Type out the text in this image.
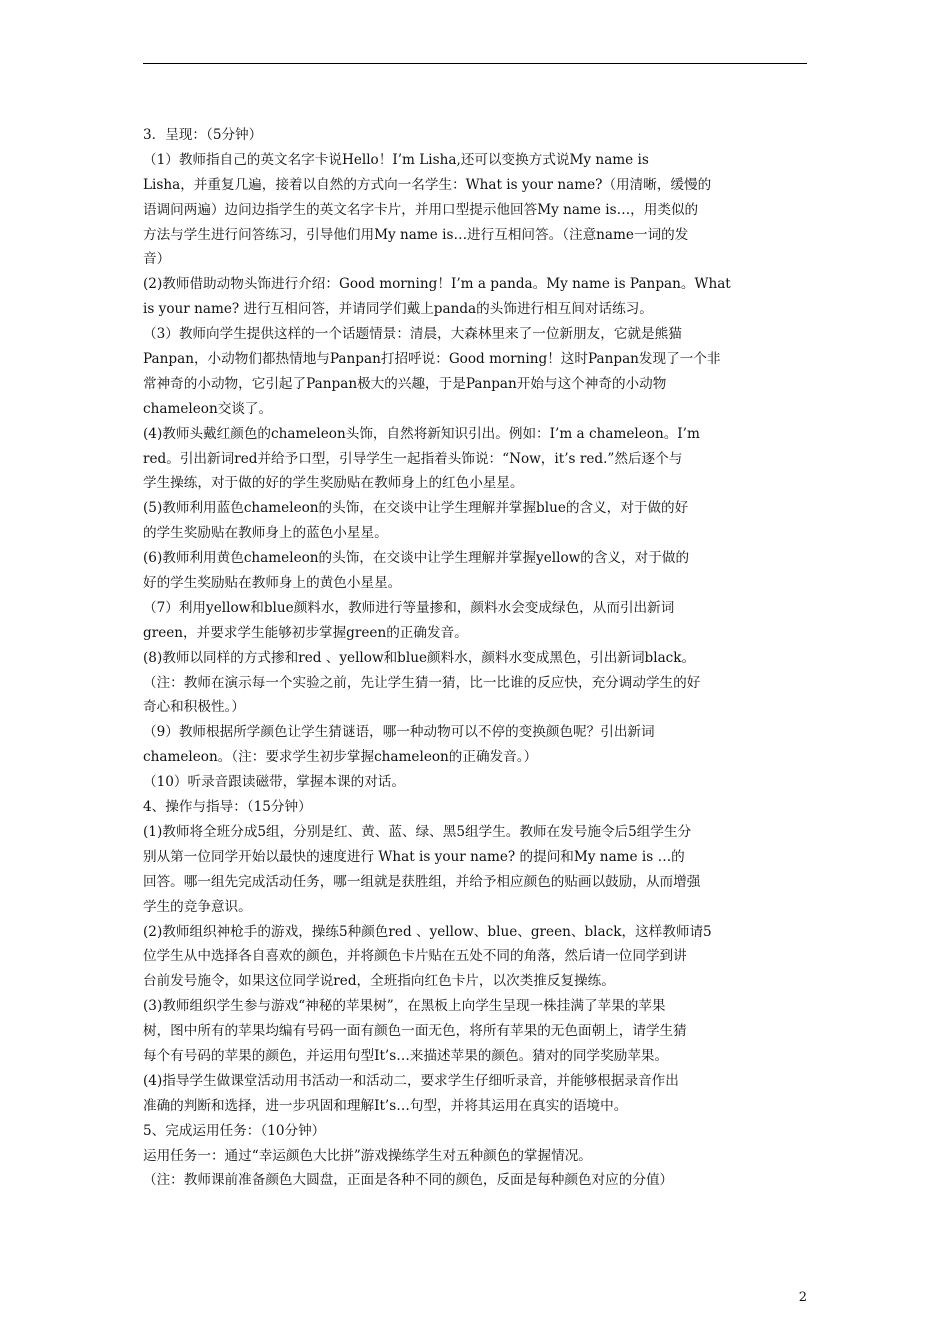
3．呈现：（5分钟）
（1）教师指自己的英文名字卡说Hello！I’m Lisha,还可以变换方式说My name is
Lisha，并重复几遍，接着以自然的方式向一名学生：What is your name?（用清晰，缓慢的
语调问两遍）边问边指学生的英文名字卡片，并用口型提示他回答My name is…，用类似的
方法与学生进行问答练习，引导他们用My name is…进行互相问答。（注意name一词的发
音）
(2)教师借助动物头饰进行介绍：Good morning！I’m a panda。My name is Panpan。What
is your name? 进行互相问答，并请同学们戴上panda的头饰进行相互间对话练习。
（3）教师向学生提供这样的一个话题情景：清晨，大森林里来了一位新朋友，它就是熊猫
Panpan，小动物们都热情地与Panpan打招呼说：Good morning！这时Panpan发现了一个非
常神奇的小动物，它引起了Panpan极大的兴趣，于是Panpan开始与这个神奇的小动物
chameleon交谈了。
(4)教师头戴红颜色的chameleon头饰，自然将新知识引出。例如：I’m a chameleon。I’m
red。引出新词red并给予口型，引导学生一起指着头饰说：“Now，it’s red.”然后逐个与
学生操练，对于做的好的学生奖励贴在教师身上的红色小星星。
(5)教师利用蓝色chameleon的头饰，在交谈中让学生理解并掌握blue的含义，对于做的好
的学生奖励贴在教师身上的蓝色小星星。
(6)教师利用黄色chameleon的头饰，在交谈中让学生理解并掌握yellow的含义，对于做的
好的学生奖励贴在教师身上的黄色小星星。
（7）利用yellow和blue颜料水，教师进行等量掺和，颜料水会变成绿色，从而引出新词
green，并要求学生能够初步掌握green的正确发音。
(8)教师以同样的方式掺和red 、yellow和blue颜料水，颜料水变成黑色，引出新词black。
（注：教师在演示每一个实验之前，先让学生猜一猜，比一比谁的反应快，充分调动学生的好
奇心和积极性。）
（9）教师根据所学颜色让学生猜谜语，哪一种动物可以不停的变换颜色呢？引出新词
chameleon。（注：要求学生初步掌握chameleon的正确发音。）
（10）听录音跟读磁带，掌握本课的对话。
4、操作与指导：（15分钟）
(1)教师将全班分成5组，分别是红、黄、蓝、绿、黑5组学生。教师在发号施令后5组学生分
别从第一位同学开始以最快的速度进行 What is your name? 的提问和My name is …的
回答。哪一组先完成活动任务，哪一组就是获胜组，并给予相应颜色的贴画以鼓励，从而增强
学生的竞争意识。
(2)教师组织神枪手的游戏，操练5种颜色red 、yellow、blue、green、black，这样教师请5
位学生从中选择各自喜欢的颜色，并将颜色卡片贴在五处不同的角落，然后请一位同学到讲
台前发号施令，如果这位同学说red，全班指向红色卡片，以次类推反复操练。
(3)教师组织学生参与游戏“神秘的苹果树”，在黑板上向学生呈现一株挂满了苹果的苹果
树，图中所有的苹果均编有号码一面有颜色一面无色，将所有苹果的无色面朝上，请学生猜
每个有号码的苹果的颜色，并运用句型It’s…来描述苹果的颜色。猜对的同学奖励苹果。
(4)指导学生做课堂活动用书活动一和活动二，要求学生仔细听录音，并能够根据录音作出
准确的判断和选择，进一步巩固和理解It’s…句型，并将其运用在真实的语境中。
5、完成运用任务：（10分钟）
运用任务一：通过“幸运颜色大比拼”游戏操练学生对五种颜色的掌握情况。
（注：教师课前准备颜色大圆盘，正面是各种不同的颜色，反面是每种颜色对应的分值）
2
